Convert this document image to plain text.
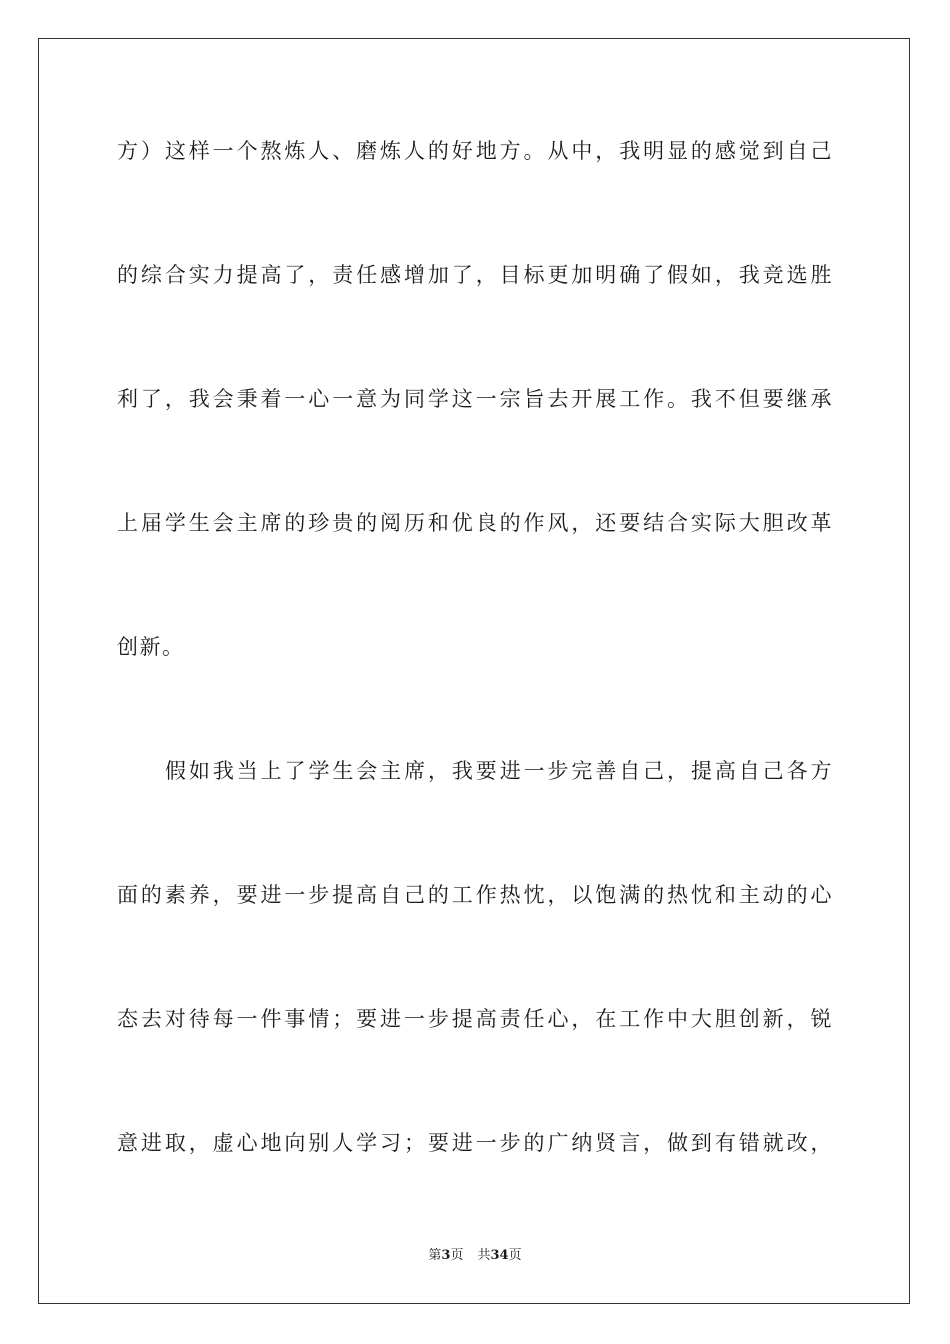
方）这样一个熬炼人、磨炼人的好地方。从中，我明显的感觉到自己
的综合实力提高了，责任感增加了，目标更加明确了假如，我竞选胜
利了，我会秉着一心一意为同学这一宗旨去开展工作。我不但要继承
上届学生会主席的珍贵的阅历和优良的作风，还要结合实际大胆改革
创新。
假如我当上了学生会主席，我要进一步完善自己，提高自己各方
面的素养，要进一步提高自己的工作热忱，以饱满的热忱和主动的心
态去对待每一件事情；要进一步提高责任心，在工作中大胆创新，锐
意进取，虚心地向别人学习；要进一步的广纳贤言，做到有错就改，
第3页 共34页
